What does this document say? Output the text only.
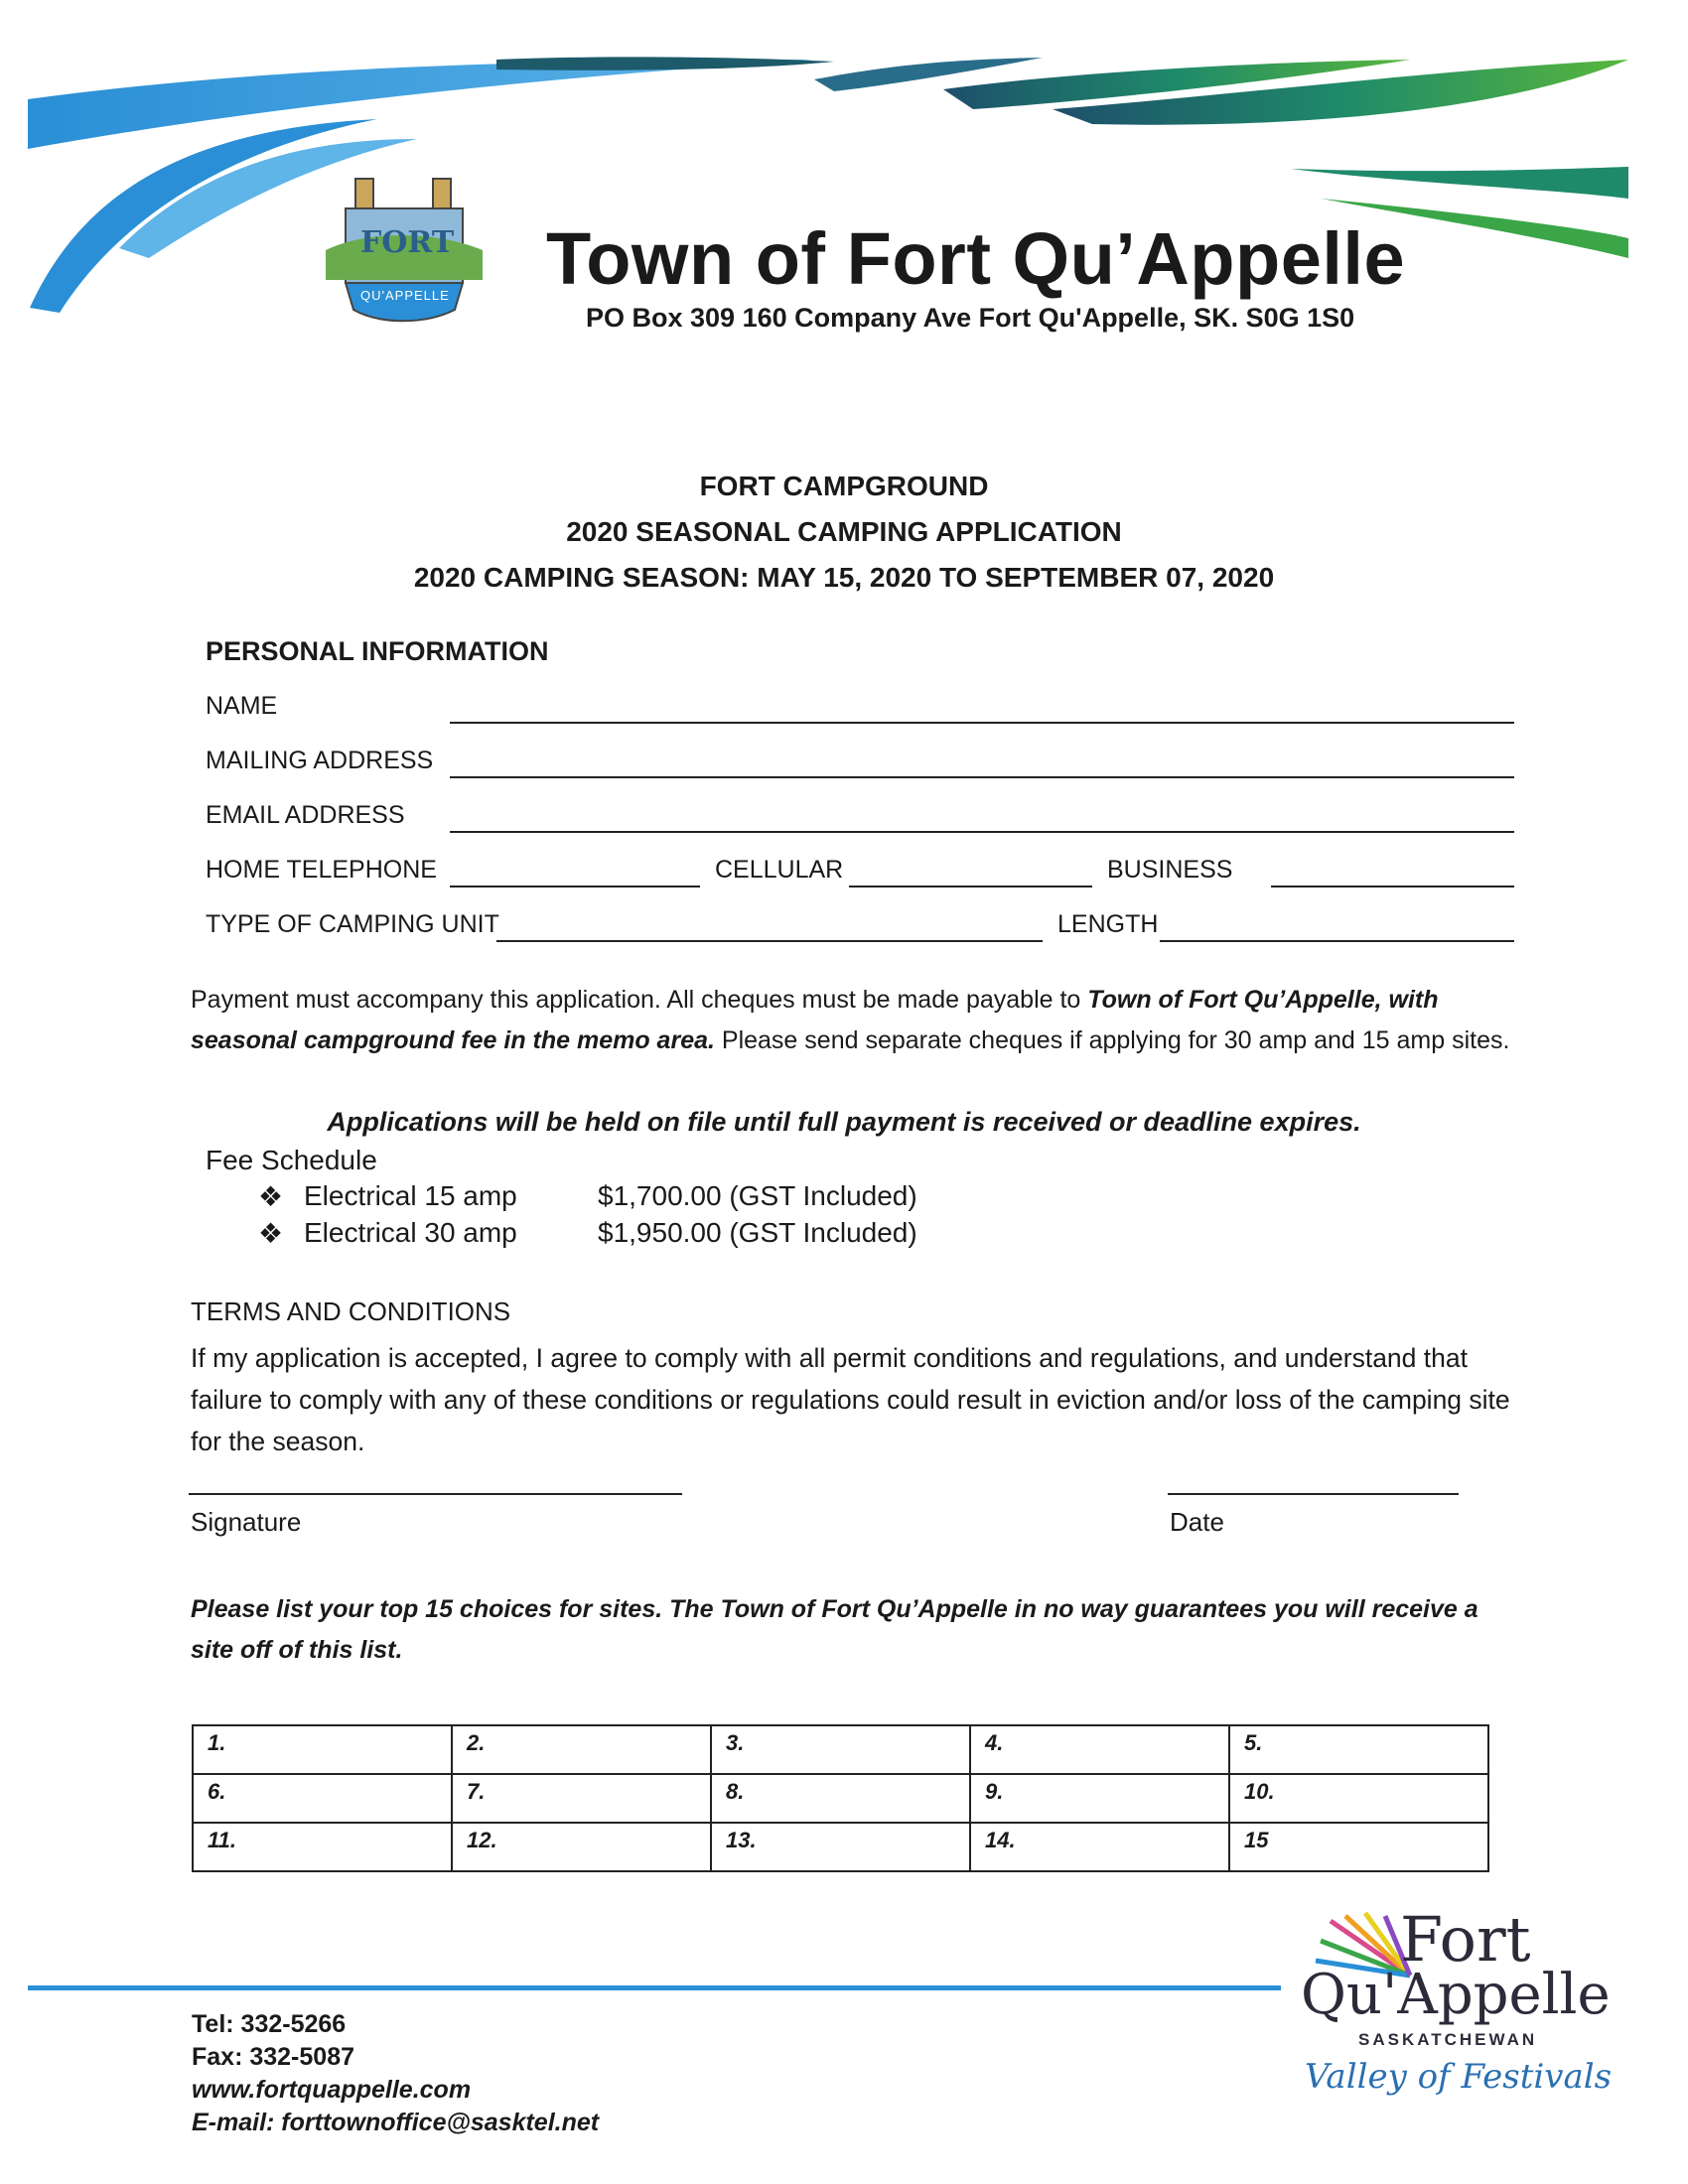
FORT
QU'APPELLE Town of Fort Qu’Appelle
PO Box 309 160 Company Ave Fort Qu'Appelle, SK. S0G 1S0
FORT CAMPGROUND
2020 SEASONAL CAMPING APPLICATION
2020 CAMPING SEASON: MAY 15, 2020 TO SEPTEMBER 07, 2020
PERSONAL INFORMATION
NAME
MAILING ADDRESS
EMAIL ADDRESS
HOME TELEPHONE	CELLULAR	BUSINESS
TYPE OF CAMPING UNIT	LENGTH
Payment must accompany this application. All cheques must be made payable to Town of Fort Qu’Appelle, with seasonal campground fee in the memo area. Please send separate cheques if applying for 30 amp and 15 amp sites.
Applications will be held on file until full payment is received or deadline expires.
Fee Schedule
❖ Electrical 15 amp	$1,700.00 (GST Included)
❖ Electrical 30 amp	$1,950.00 (GST Included)
TERMS AND CONDITIONS
If my application is accepted, I agree to comply with all permit conditions and regulations, and understand that failure to comply with any of these conditions or regulations could result in eviction and/or loss of the camping site for the season.
Signature	Date
Please list your top 15 choices for sites. The Town of Fort Qu’Appelle in no way guarantees you will receive a site off of this list.
1.	2.	3.	4.	5.
6.	7.	8.	9.	10.
11.	12.	13.	14.	15
Tel: 332-5266
Fax: 332-5087
www.fortquappelle.com
E-mail: forttownoffice@sasktel.net
Fort
Qu'Appelle
SASKATCHEWAN
Valley of Festivals
